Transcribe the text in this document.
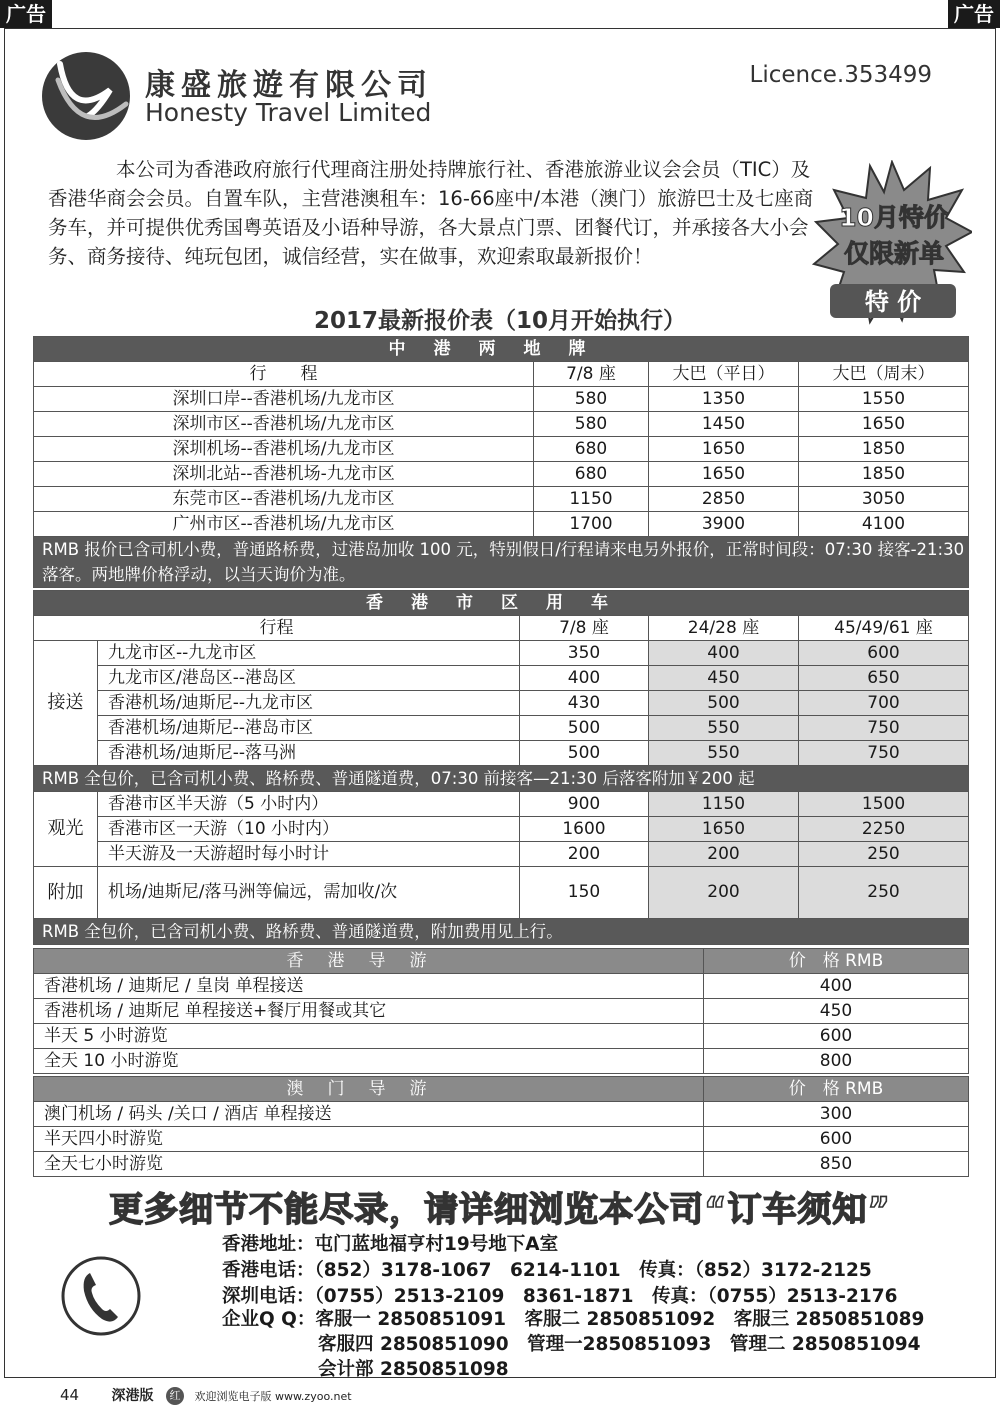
广告	广告
康盛旅遊有限公司
Honesty Travel Limited
Licence.353499
本公司为香港政府旅行代理商注册处持牌旅行社、香港旅游业议会会员（TIC）及香港华商会会员。自置车队，主营港澳租车：16-66座中/本港（澳门）旅游巴士及七座商务车，并可提供优秀国粤英语及小语种导游，各大景点门票、团餐代订，并承接各大小会务、商务接待、纯玩包团，诚信经营，实在做事，欢迎索取最新报价！
10月特价
仅限新单
特 价
2017最新报价表（10月开始执行）
中港两地牌			
行　　程	7/8 座	大巴（平日）	大巴（周末）
深圳口岸--香港机场/九龙市区	580	1350	1550
深圳市区--香港机场/九龙市区	580	1450	1650
深圳机场--香港机场/九龙市区	680	1650	1850
深圳北站--香港机场-九龙市区	680	1650	1850
东莞市区--香港机场/九龙市区	1150	2850	3050
广州市区--香港机场/九龙市区	1700	3900	4100
RMB 报价已含司机小费，普通路桥费，过港岛加收 100 元，特别假日/行程请来电另外报价，正常时间段：07:30 接客-21:30 落客。两地牌价格浮动，以当天询价为准。			
香港市区用车				
行程		7/8 座	24/28 座	45/49/61 座
接送	九龙市区--九龙市区	350	400	600
	九龙市区/港岛区--港岛区	400	450	650
	香港机场/迪斯尼--九龙市区	430	500	700
	香港机场/迪斯尼--港岛市区	500	550	750
	香港机场/迪斯尼--落马洲	500	550	750
RMB 全包价，已含司机小费、路桥费、普通隧道费，07:30 前接客—21:30 后落客附加￥200 起				
观光	香港市区半天游（5 小时内）	900	1150	1500
	香港市区一天游（10 小时内）	1600	1650	2250
	半天游及一天游超时每小时计	200	200	250
附加	机场/迪斯尼/落马洲等偏远，需加收/次	150	200	250
RMB 全包价，已含司机小费、路桥费、普通隧道费，附加费用见上行。				
香港导游	价　格 RMB
香港机场 / 迪斯尼 / 皇岗 单程接送	400
香港机场 / 迪斯尼 单程接送+餐厅用餐或其它	450
半天 5 小时游览	600
全天 10 小时游览	800
澳门导游	价　格 RMB
澳门机场 / 码头 /关口 / 酒店 单程接送	300
半天四小时游览	600
全天七小时游览	850
更多细节不能尽录，请详细浏览本公司“订车须知”
香港地址：屯门蓝地福亨村19号地下A室
香港电话：（852）3178-1067　6214-1101　传真：（852）3172-2125
深圳电话：（0755）2513-2109　8361-1871　传真：（0755）2513-2176
企业Q Q：客服一 2850851091　客服二 2850851092　客服三 2850851089
客服四 2850851090　管理一2850851093　管理二 2850851094
会计部 2850851098
44 深港版 红 欢迎浏览电子版 www.zyoo.net
